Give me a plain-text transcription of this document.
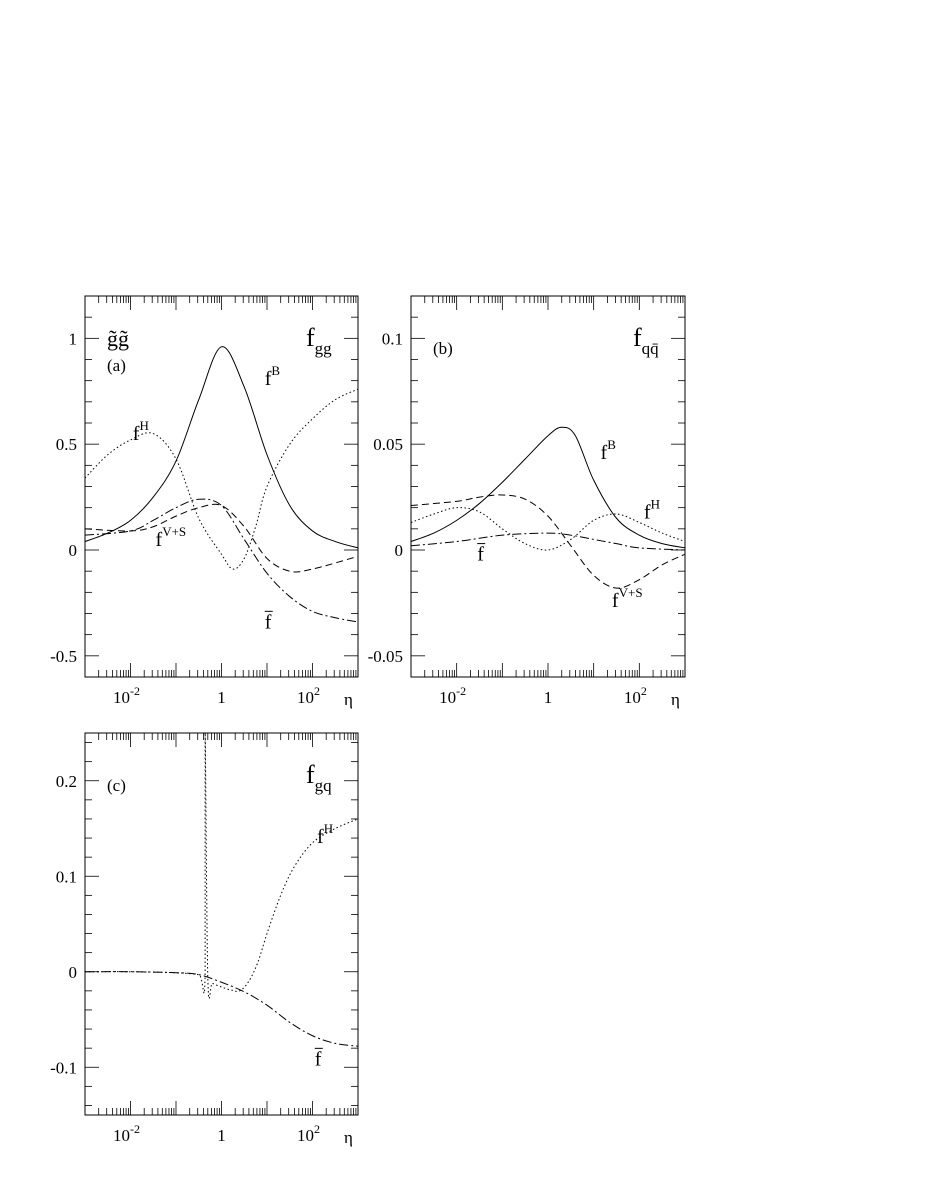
1
0.5
0
-0.5
$10^{-2}$	1	$10^2$ η
(a)
g̃g̃	$f_{gg}$
$f^B$
$f^H$
$f^{V+S}$
f
0.1
0.05
0
-0.05
$10^{-2}$	1	$10^2$ η
(b)	$f_{qq̄}$
$f^B$
$f^H$
$f^{V+S}$
f
0.2
0.1
0
-0.1
$10^{-2}$	1	$10^2$ η
(c)	$f_{gq}$
$f^H$
f
